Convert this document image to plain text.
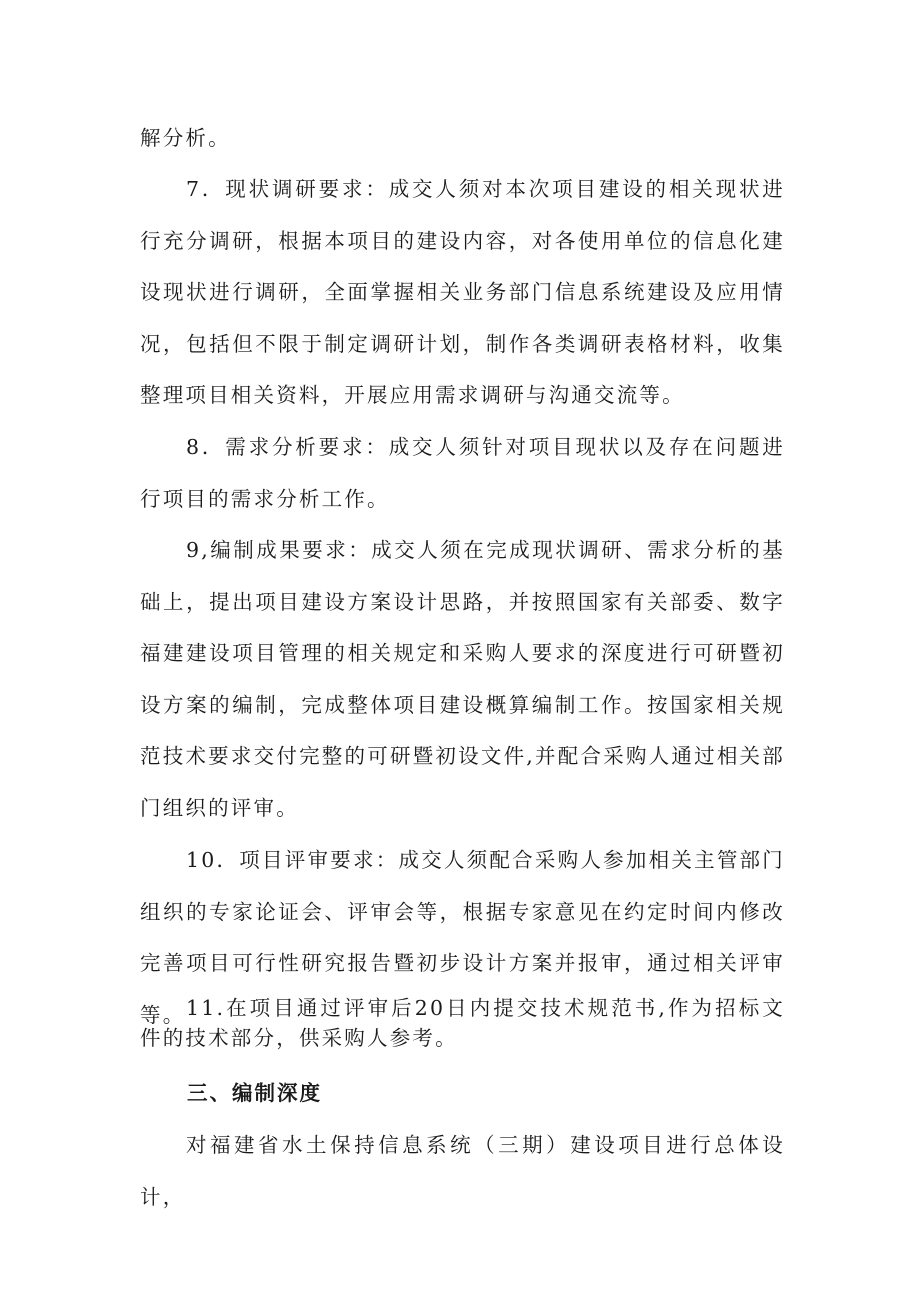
解分析。

7．现状调研要求：成交人须对本次项目建设的相关现状进行充分调研，根据本项目的建设内容，对各使用单位的信息化建设现状进行调研，全面掌握相关业务部门信息系统建设及应用情况，包括但不限于制定调研计划，制作各类调研表格材料，收集整理项目相关资料，开展应用需求调研与沟通交流等。

8．需求分析要求：成交人须针对项目现状以及存在问题进行项目的需求分析工作。

9,编制成果要求：成交人须在完成现状调研、需求分析的基础上，提出项目建设方案设计思路，并按照国家有关部委、数字福建建设项目管理的相关规定和采购人要求的深度进行可研暨初设方案的编制，完成整体项目建设概算编制工作。按国家相关规范技术要求交付完整的可研暨初设文件,并配合采购人通过相关部门组织的评审。

10．项目评审要求：成交人须配合采购人参加相关主管部门组织的专家论证会、评审会等，根据专家意见在约定时间内修改完善项目可行性研究报告暨初步设计方案并报审，通过相关评审等。 11.在项目通过评审后20日内提交技术规范书,作为招标文件的技术部分，供采购人参考。

三、编制深度

对福建省水土保持信息系统（三期）建设项目进行总体设计，
